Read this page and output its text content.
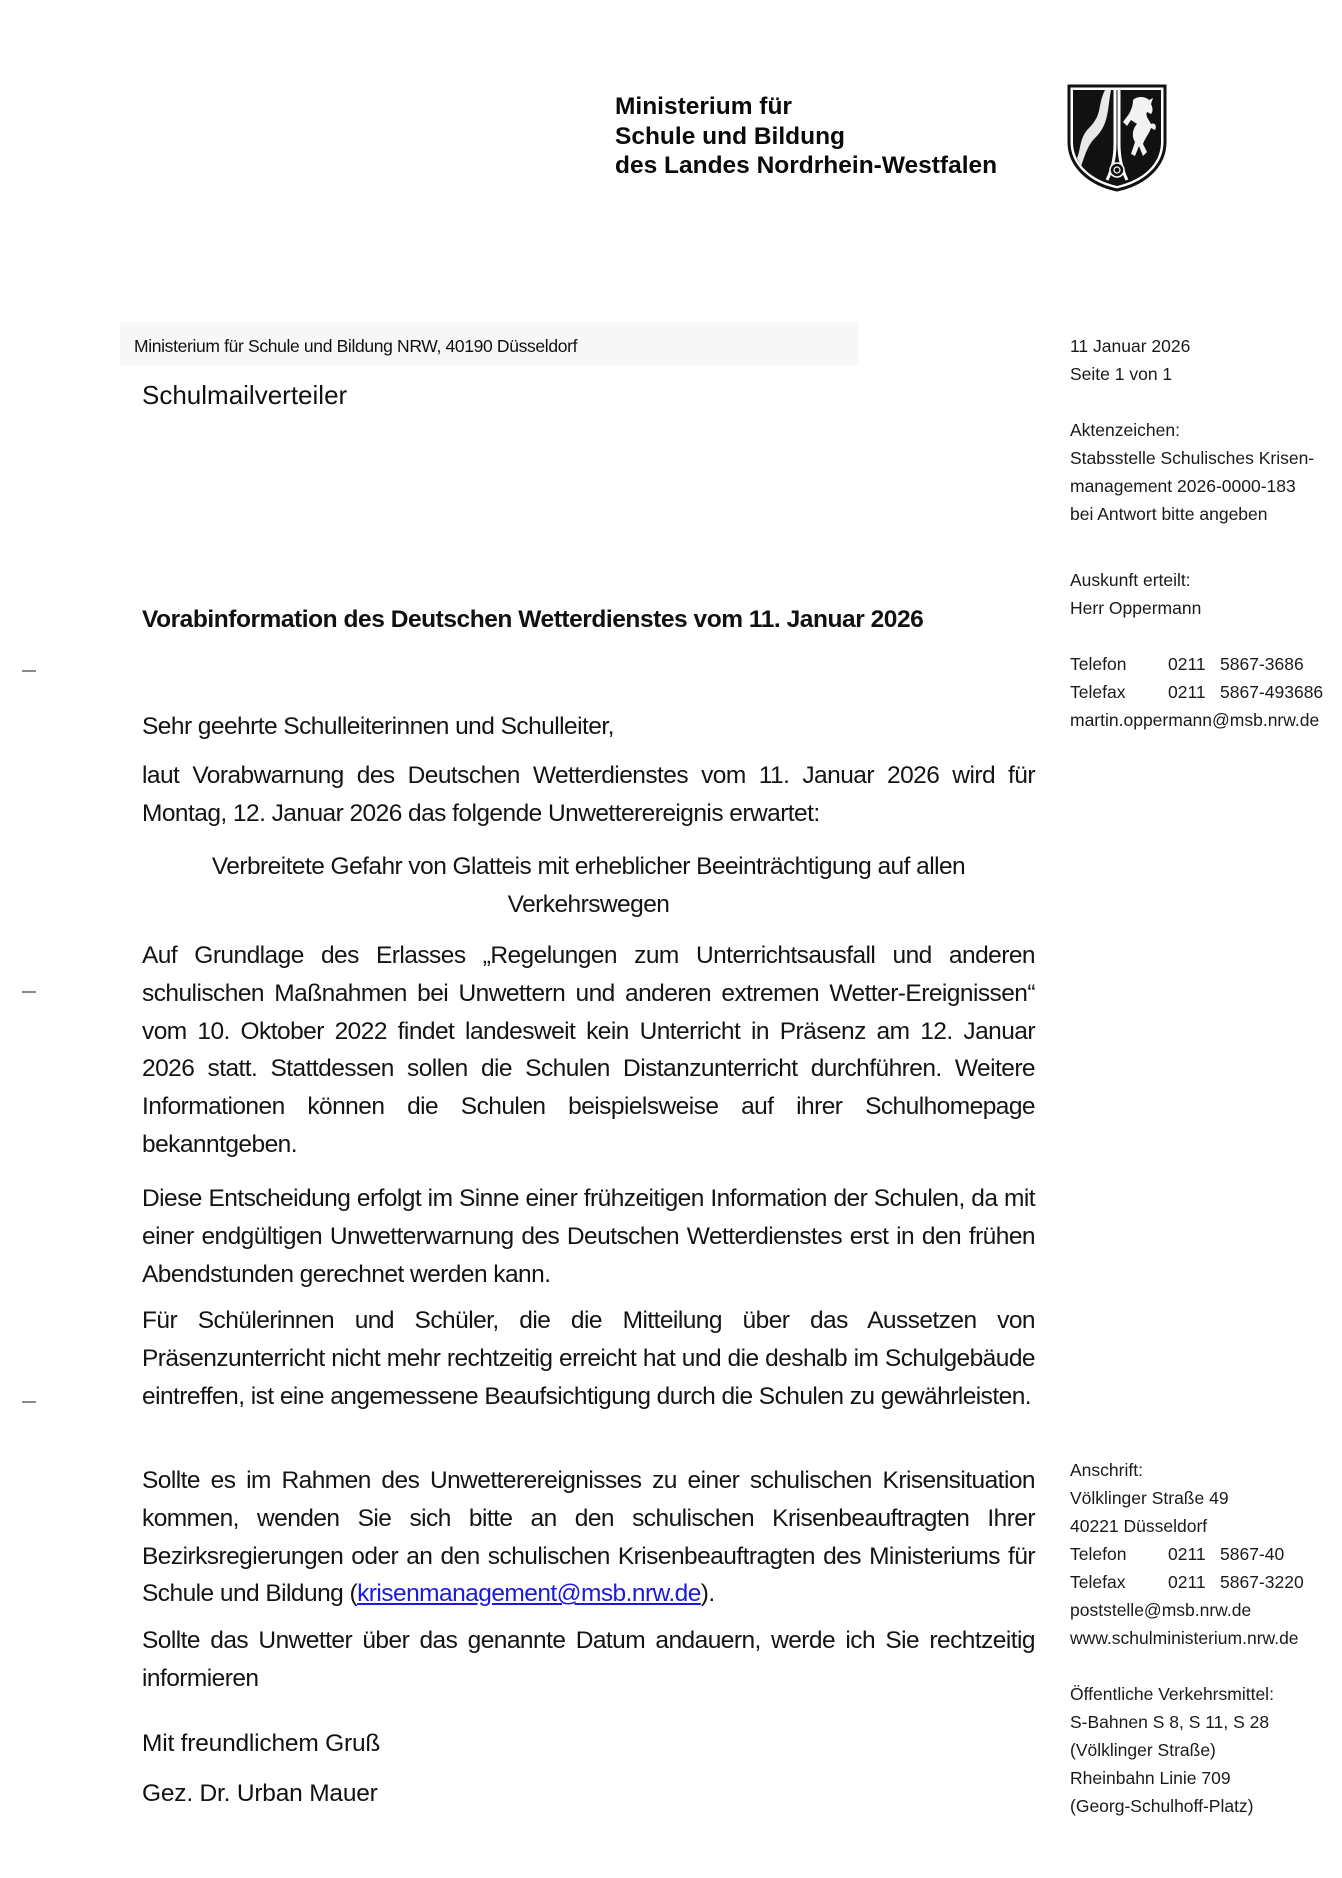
Ministerium für
Schule und Bildung
des Landes Nordrhein-Westfalen
Ministerium für Schule und Bildung NRW, 40190 Düsseldorf
Schulmailverteiler
11 Januar 2026
Seite 1 von 1
Aktenzeichen:
Stabsstelle Schulisches Krisen-
management 2026-0000-183
bei Antwort bitte angeben
Auskunft erteilt:
Herr Oppermann
Telefon	0211 5867-3686
Telefax	0211 5867-493686
martin.oppermann@msb.nrw.de
Anschrift:
Völklinger Straße 49
40221 Düsseldorf
Telefon	0211 5867-40
Telefax	0211 5867-3220
poststelle@msb.nrw.de
www.schulministerium.nrw.de
Öffentliche Verkehrsmittel:
S-Bahnen S 8, S 11, S 28
(Völklinger Straße)
Rheinbahn Linie 709
(Georg-Schulhoff-Platz)
Vorabinformation des Deutschen Wetterdienstes vom 11. Januar 2026
Sehr geehrte Schulleiterinnen und Schulleiter,
laut Vorabwarnung des Deutschen Wetterdienstes vom 11. Januar 2026 wird für Montag, 12. Januar 2026 das folgende Unwetterereignis erwartet:
Verbreitete Gefahr von Glatteis mit erheblicher Beeinträchtigung auf allen Verkehrswegen
Auf Grundlage des Erlasses „Regelungen zum Unterrichtsausfall und anderen schulischen Maßnahmen bei Unwettern und anderen extremen Wetter-Ereignissen“ vom 10. Oktober 2022 findet landesweit kein Unterricht in Präsenz am 12. Januar 2026 statt. Stattdessen sollen die Schulen Distanzunterricht durchführen. Weitere Informationen können die Schulen beispielsweise auf ihrer Schulhomepage bekanntgeben.
Diese Entscheidung erfolgt im Sinne einer frühzeitigen Information der Schulen, da mit einer endgültigen Unwetterwarnung des Deutschen Wetterdienstes erst in den frühen Abendstunden gerechnet werden kann.
Für Schülerinnen und Schüler, die die Mitteilung über das Aussetzen von Präsenzunterricht nicht mehr rechtzeitig erreicht hat und die deshalb im Schulgebäude eintreffen, ist eine angemessene Beaufsichtigung durch die Schulen zu gewährleisten.
Sollte es im Rahmen des Unwetterereignisses zu einer schulischen Krisensituation kommen, wenden Sie sich bitte an den schulischen Krisenbeauftragten Ihrer Bezirksregierungen oder an den schulischen Krisenbeauftragten des Ministeriums für Schule und Bildung (krisenmanagement@msb.nrw.de).
Sollte das Unwetter über das genannte Datum andauern, werde ich Sie rechtzeitig informieren
Mit freundlichem Gruß
Gez. Dr. Urban Mauer
